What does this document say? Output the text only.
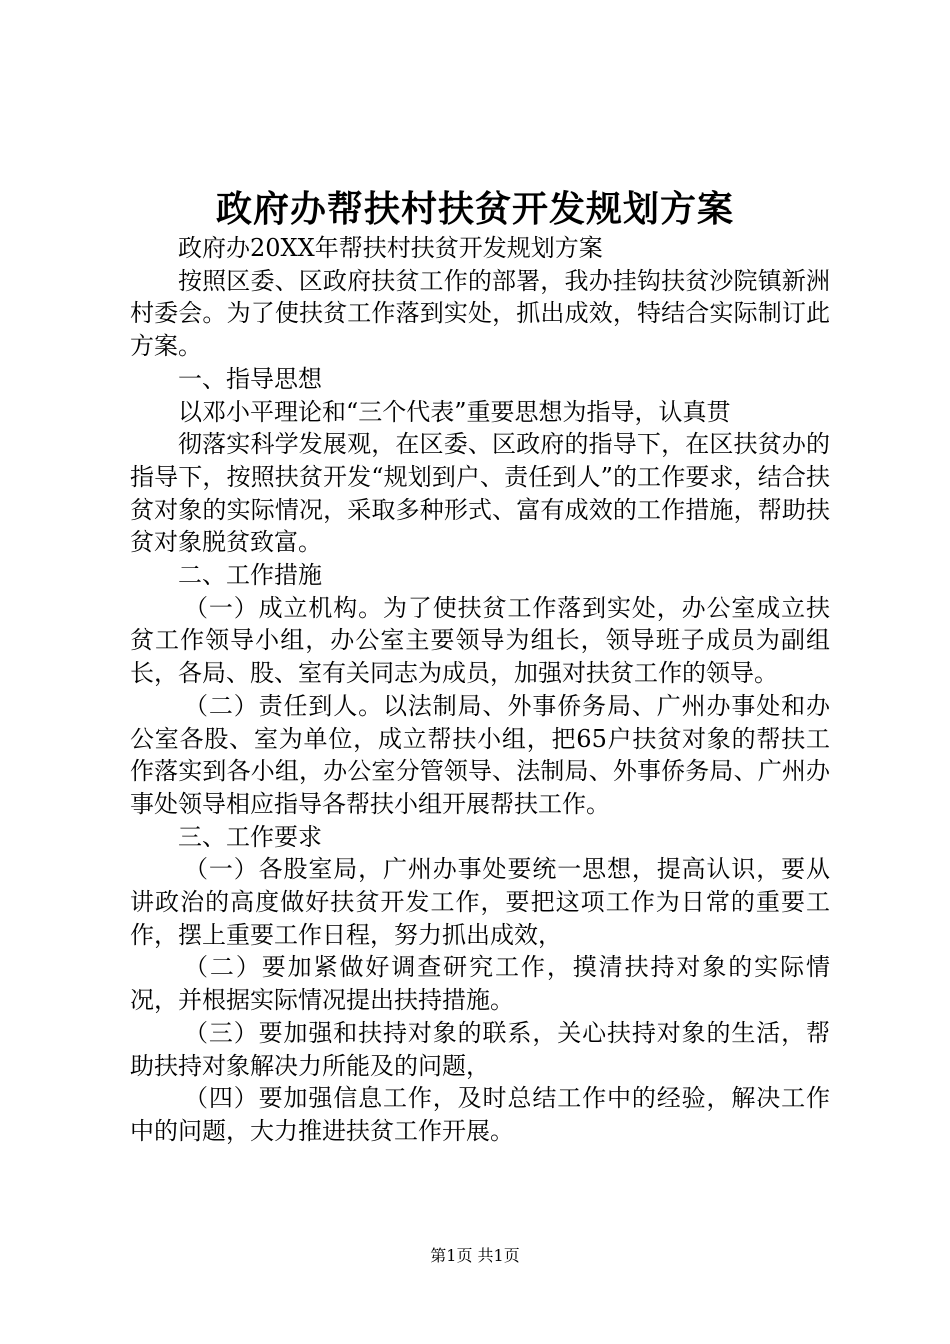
政府办帮扶村扶贫开发规划方案

政府办20XX年帮扶村扶贫开发规划方案

按照区委、区政府扶贫工作的部署，我办挂钩扶贫沙院镇新洲村委会。为了使扶贫工作落到实处，抓出成效，特结合实际制订此方案。

一、指导思想

以邓小平理论和“三个代表”重要思想为指导，认真贯

彻落实科学发展观，在区委、区政府的指导下，在区扶贫办的指导下，按照扶贫开发“规划到户、责任到人”的工作要求，结合扶贫对象的实际情况，采取多种形式、富有成效的工作措施，帮助扶贫对象脱贫致富。

二、工作措施

（一）成立机构。为了使扶贫工作落到实处，办公室成立扶贫工作领导小组，办公室主要领导为组长，领导班子成员为副组长，各局、股、室有关同志为成员，加强对扶贫工作的领导。

（二）责任到人。以法制局、外事侨务局、广州办事处和办公室各股、室为单位，成立帮扶小组，把65户扶贫对象的帮扶工作落实到各小组，办公室分管领导、法制局、外事侨务局、广州办事处领导相应指导各帮扶小组开展帮扶工作。

三、工作要求

（一）各股室局，广州办事处要统一思想，提高认识，要从讲政治的高度做好扶贫开发工作，要把这项工作为日常的重要工作，摆上重要工作日程，努力抓出成效，

（二）要加紧做好调查研究工作，摸清扶持对象的实际情况，并根据实际情况提出扶持措施。

（三）要加强和扶持对象的联系，关心扶持对象的生活，帮助扶持对象解决力所能及的问题，

（四）要加强信息工作，及时总结工作中的经验，解决工作中的问题，大力推进扶贫工作开展。

第1页 共1页
